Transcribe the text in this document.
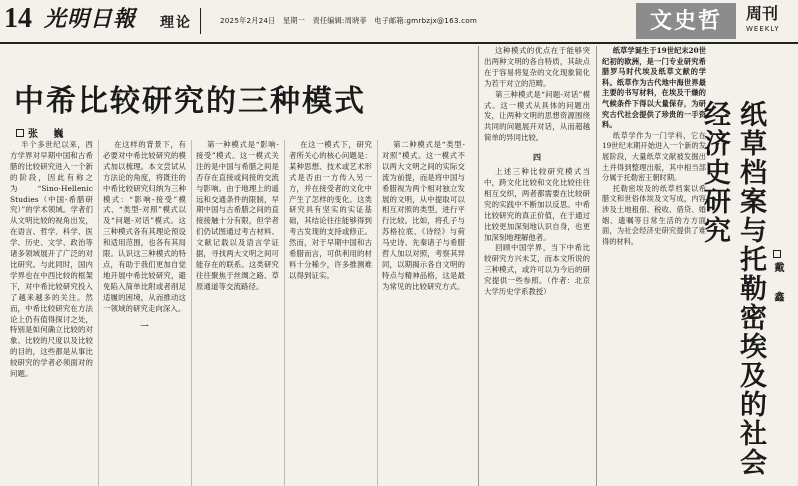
14 光明日報 理论	2025年2月24日　星期一　责任编辑:周晓菲　电子邮箱:gmrbzjx@163.com	文史哲	周刊
WEEKLY
中希比较研究的三种模式
张 巍

半个多世纪以来，西方学界对早期中国和古希腊的比较研究进入一个新的阶段，因此有称之为“Sino-Hellenic Studies（中国-希腊研究）”的学术领域。学者们从文明比较的视角出发，在语言、哲学、科学、医学、历史、文学、政治等诸多领域展开了广泛的对比研究。与此同时，国内学界也在中西比较的框架下，对中希比较研究投入了越来越多的关注。然而，中希比较研究在方法论上仍有值得探讨之处，特别是如何确立比较的对象、比较的尺度以及比较的目的，这些都是从事比较研究的学者必须面对的问题。

在这样的背景下，有必要对中希比较研究的模式加以梳理。本文尝试从方法论的角度，将既往的中希比较研究归纳为三种模式：“影响-接受”模式、“类型-对照”模式以及“问题-对话”模式。这三种模式各有其理论预设和适用范围，也各有其局限。认识这三种模式的特点，有助于我们更加自觉地开展中希比较研究，避免陷入简单比附或者削足适履的困境，从而推动这一领域的研究走向深入。

一

第一种模式是“影响-接受”模式。这一模式关注的是中国与希腊之间是否存在直接或间接的交流与影响。由于地理上的遥远和交通条件的限制，早期中国与古希腊之间的直接接触十分有限，但学者们仍试图通过考古材料、文献记载以及语言学证据，寻找两大文明之间可能存在的联系。这类研究往往聚焦于丝绸之路、草原通道等交流路径。

在这一模式下，研究者所关心的核心问题是：某种思想、技术或艺术形式是否由一方传入另一方，并在接受者的文化中产生了怎样的变化。这类研究具有坚实的实证基础，其结论往往能够得到考古发现的支持或修正。然而，对于早期中国和古希腊而言，可供利用的材料十分稀少，许多推测难以得到证实。

第二种模式是“类型-对照”模式。这一模式不以两大文明之间的实际交流为前提，而是将中国与希腊视为两个相对独立发展的文明，从中提取可以相互对照的类型，进行平行比较。比如，将孔子与苏格拉底、《诗经》与荷马史诗、先秦诸子与希腊哲人加以对照，考察其异同，以期揭示各自文明的特点与精神品格，这是最为常见的比较研究方式。

这种模式的优点在于能够突出两种文明的各自特质，其缺点在于容易将复杂的文化现象简化为若干对立的范畴。

第三种模式是“问题-对话”模式。这一模式从具体的问题出发，让两种文明的思想资源围绕共同的问题展开对话，从而超越简单的异同比较。

四

上述三种比较研究模式当中，跨文化比较和文化比较往往相互交织，两者都需要在比较研究的实践中不断加以反思。中希比较研究的真正价值，在于通过比较更加深刻地认识自身，也更加深刻地理解他者。

回顾中国学界，当下中希比较研究方兴未艾，而本文所说的三种模式，或许可以为今后的研究提供一些参照。（作者：北京大学历史学系教授）

纸草学诞生于19世纪末20世纪初的欧洲，是一门专业研究希腊罗马时代埃及纸草文献的学科。纸草作为古代地中海世界最主要的书写材料，在埃及干燥的气候条件下得以大量保存，为研究古代社会提供了珍贵的一手资料。

纸草学作为一门学科，它在19世纪末期开始进入一个新的发展阶段，大量纸草文献被发掘出土并得到整理出版，其中相当部分属于托勒密王朝时期。

托勒密埃及的纸草档案以希腊文和世俗体埃及文写成，内容涉及土地租佃、税收、借贷、婚姻、遗嘱等日常生活的方方面面，为社会经济史研究提供了难得的材料。	纸草档案与托勒密埃及的社会经济史研究
戴 鑫
